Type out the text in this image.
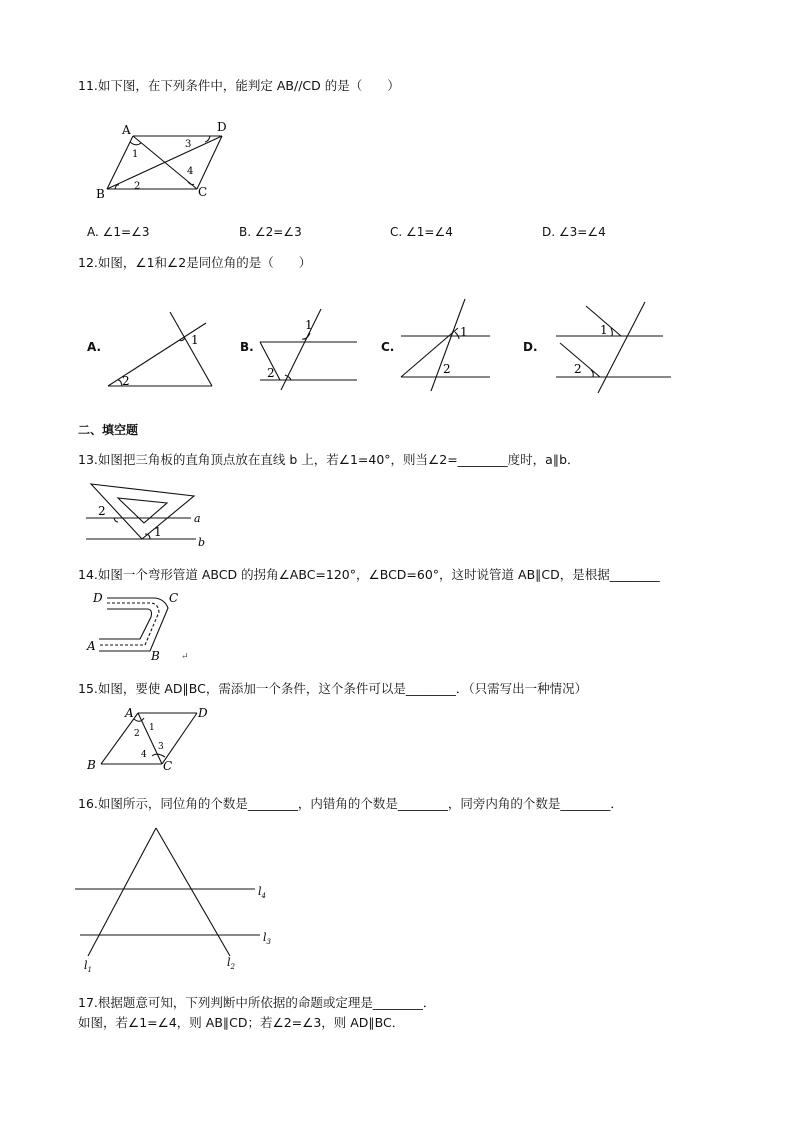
11.如下图，在下列条件中，能判定 AB//CD 的是（　　）
A	D
B	C
1
2
3
4
A. ∠1=∠3	B. ∠2=∠3	C. ∠1=∠4	D. ∠3=∠4
12.如图，∠1和∠2是同位角的是（　　）
A.	B.	C.	D.
1
2
1
2
1
2
1
2
二、填空题
13.如图把三角板的直角顶点放在直线 b 上，若∠1=40°，则当∠2=________度时，a∥b．
2
1
a
b
14.如图一个弯形管道 ABCD 的拐角∠ABC=120°，∠BCD=60°，这时说管道 AB∥CD，是根据________
D	C
A
B ↵
15.如图，要使 AD∥BC，需添加一个条件，这个条件可以是________．（只需写出一种情况）
A	D
B	C
1
2
3
4
16.如图所示，同位角的个数是________，内错角的个数是________，同旁内角的个数是________．
$l_4$
$l_3$
$l_1$
$l_2$
17.根据题意可知，下列判断中所依据的命题或定理是________．
如图，若∠1=∠4，则 AB∥CD；若∠2=∠3，则 AD∥BC．
